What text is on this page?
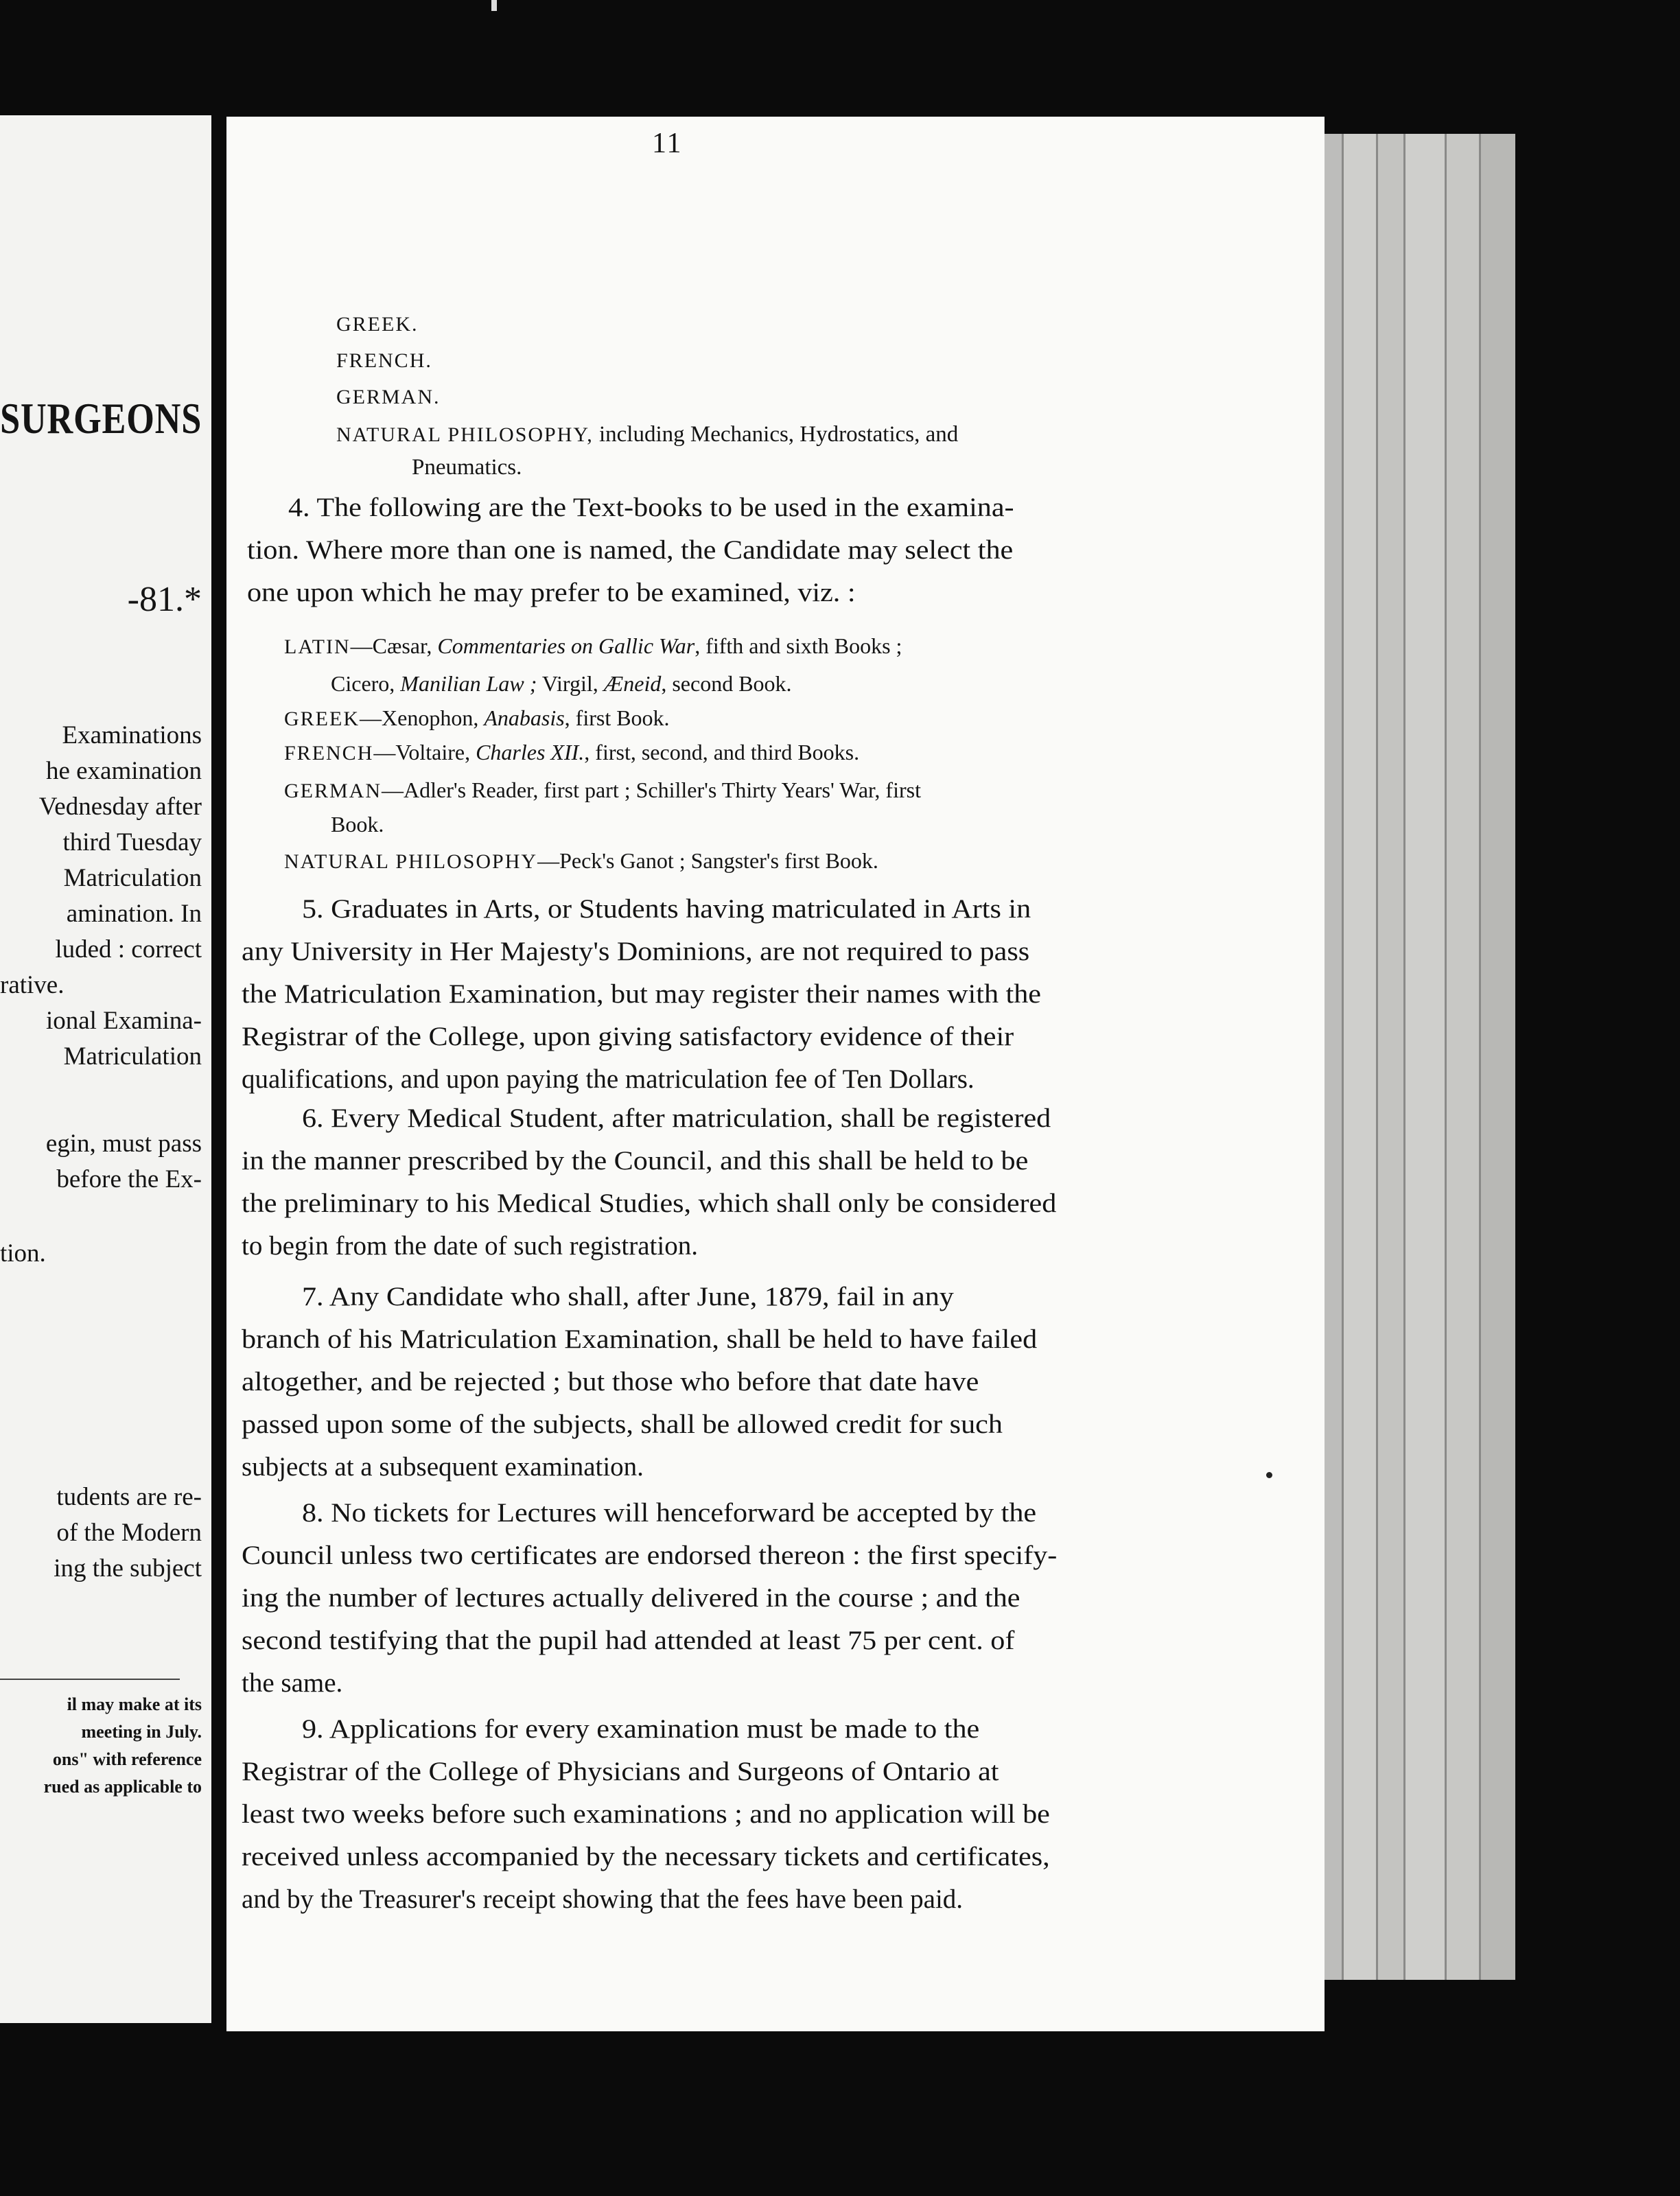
SURGEONS
-81.*
Examinations
he examination
Vednesday after
third Tuesday
Matriculation
amination. In
luded : correct
rative.
ional Examina-
Matriculation
egin, must pass
before the Ex-
tion.
tudents are re-
of the Modern
ing the subject
il may make at its
meeting in July.
ons" with reference
rued as applicable to
11
GREEK.
FRENCH.
GERMAN.
NATURAL PHILOSOPHY, including Mechanics, Hydrostatics, and
Pneumatics.
4. The following are the Text-books to be used in the examina-
tion. Where more than one is named, the Candidate may select the
one upon which he may prefer to be examined, viz. :
LATIN—Cæsar, Commentaries on Gallic War, fifth and sixth Books ;
Cicero, Manilian Law ; Virgil, Æneid, second Book.
GREEK—Xenophon, Anabasis, first Book.
FRENCH—Voltaire, Charles XII., first, second, and third Books.
GERMAN—Adler's Reader, first part ; Schiller's Thirty Years' War, first
Book.
NATURAL PHILOSOPHY—Peck's Ganot ; Sangster's first Book.
5. Graduates in Arts, or Students having matriculated in Arts in
any University in Her Majesty's Dominions, are not required to pass
the Matriculation Examination, but may register their names with the
Registrar of the College, upon giving satisfactory evidence of their
qualifications, and upon paying the matriculation fee of Ten Dollars.
6. Every Medical Student, after matriculation, shall be registered
in the manner prescribed by the Council, and this shall be held to be
the preliminary to his Medical Studies, which shall only be considered
to begin from the date of such registration.
7. Any Candidate who shall, after June, 1879, fail in any
branch of his Matriculation Examination, shall be held to have failed
altogether, and be rejected ; but those who before that date have
passed upon some of the subjects, shall be allowed credit for such
subjects at a subsequent examination.
8. No tickets for Lectures will henceforward be accepted by the
Council unless two certificates are endorsed thereon : the first specify-
ing the number of lectures actually delivered in the course ; and the
second testifying that the pupil had attended at least 75 per cent. of
the same.
9. Applications for every examination must be made to the
Registrar of the College of Physicians and Surgeons of Ontario at
least two weeks before such examinations ; and no application will be
received unless accompanied by the necessary tickets and certificates,
and by the Treasurer's receipt showing that the fees have been paid.
